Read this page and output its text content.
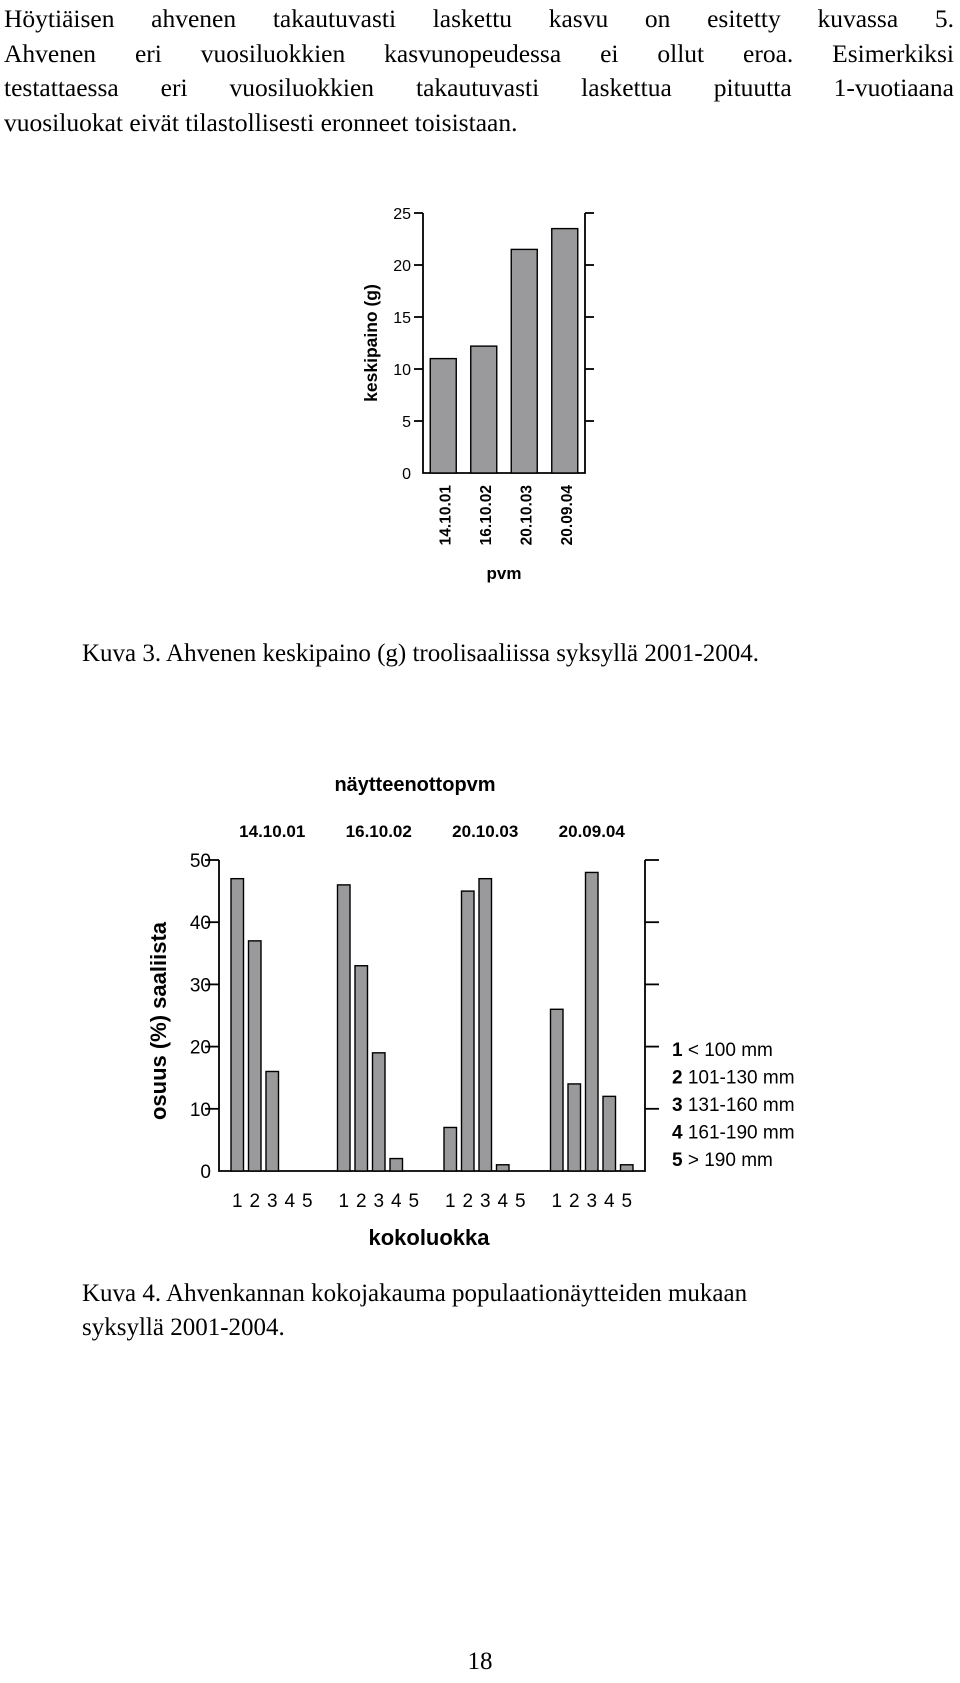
Höytiäisen ahvenen takautuvasti laskettu kasvu on esitetty kuvassa 5.
Ahvenen eri vuosiluokkien kasvunopeudessa ei ollut eroa. Esimerkiksi
testattaessa eri vuosiluokkien takautuvasti laskettua pituutta 1-vuotiaana
vuosiluokat eivät tilastollisesti eronneet toisistaan.

0
5
10
15
20
25
14.10.01 16.10.02 20.10.03 20.09.04
pvm
keskipaino (g)

Kuva 3. Ahvenen keskipaino (g) troolisaaliissa syksyllä 2001-2004.

0
10
20
30
40
50
14.10.01
1 2 3 4 5
16.10.02
1 2 3 4 5
20.10.03
1 2 3 4 5
20.09.04
1 2 3 4 5
näytteenottopvm
kokoluokka
osuus (%) saaliista	1 < 100 mm
2 101-130 mm
3 131-160 mm
4 161-190 mm
5 > 190 mm

Kuva 4. Ahvenkannan kokojakauma populaationäytteiden mukaan

syksyllä 2001-2004.

18
